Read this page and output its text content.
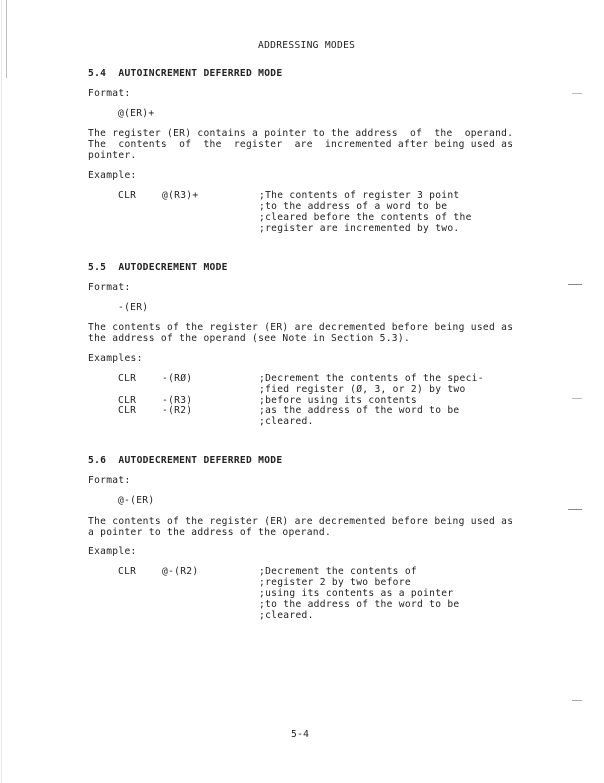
ADDRESSING MODES
5.4  AUTOINCREMENT DEFERRED MODE
Format:
@(ER)+
The register (ER) contains a pointer to the address  of  the  operand.
The  contents  of  the  register  are  incremented after being used as
pointer.
Example:
CLR	@(R3)+	;The contents of register 3 point
;to the address of a word to be
;cleared before the contents of the
;register are incremented by two.
5.5  AUTODECREMENT MODE
Format:
-(ER)
The contents of the register (ER) are decremented before being used as
the address of the operand (see Note in Section 5.3).
Examples:
CLR	-(RØ)	;Decrement the contents of the speci-
;fied register (Ø, 3, or 2) by two
CLR	-(R3)	;before using its contents
CLR	-(R2)	;as the address of the word to be
;cleared.
5.6  AUTODECREMENT DEFERRED MODE
Format:
@-(ER)
The contents of the register (ER) are decremented before being used as
a pointer to the address of the operand.
Example:
CLR	@-(R2)	;Decrement the contents of
;register 2 by two before
;using its contents as a pointer
;to the address of the word to be
;cleared.
5-4
